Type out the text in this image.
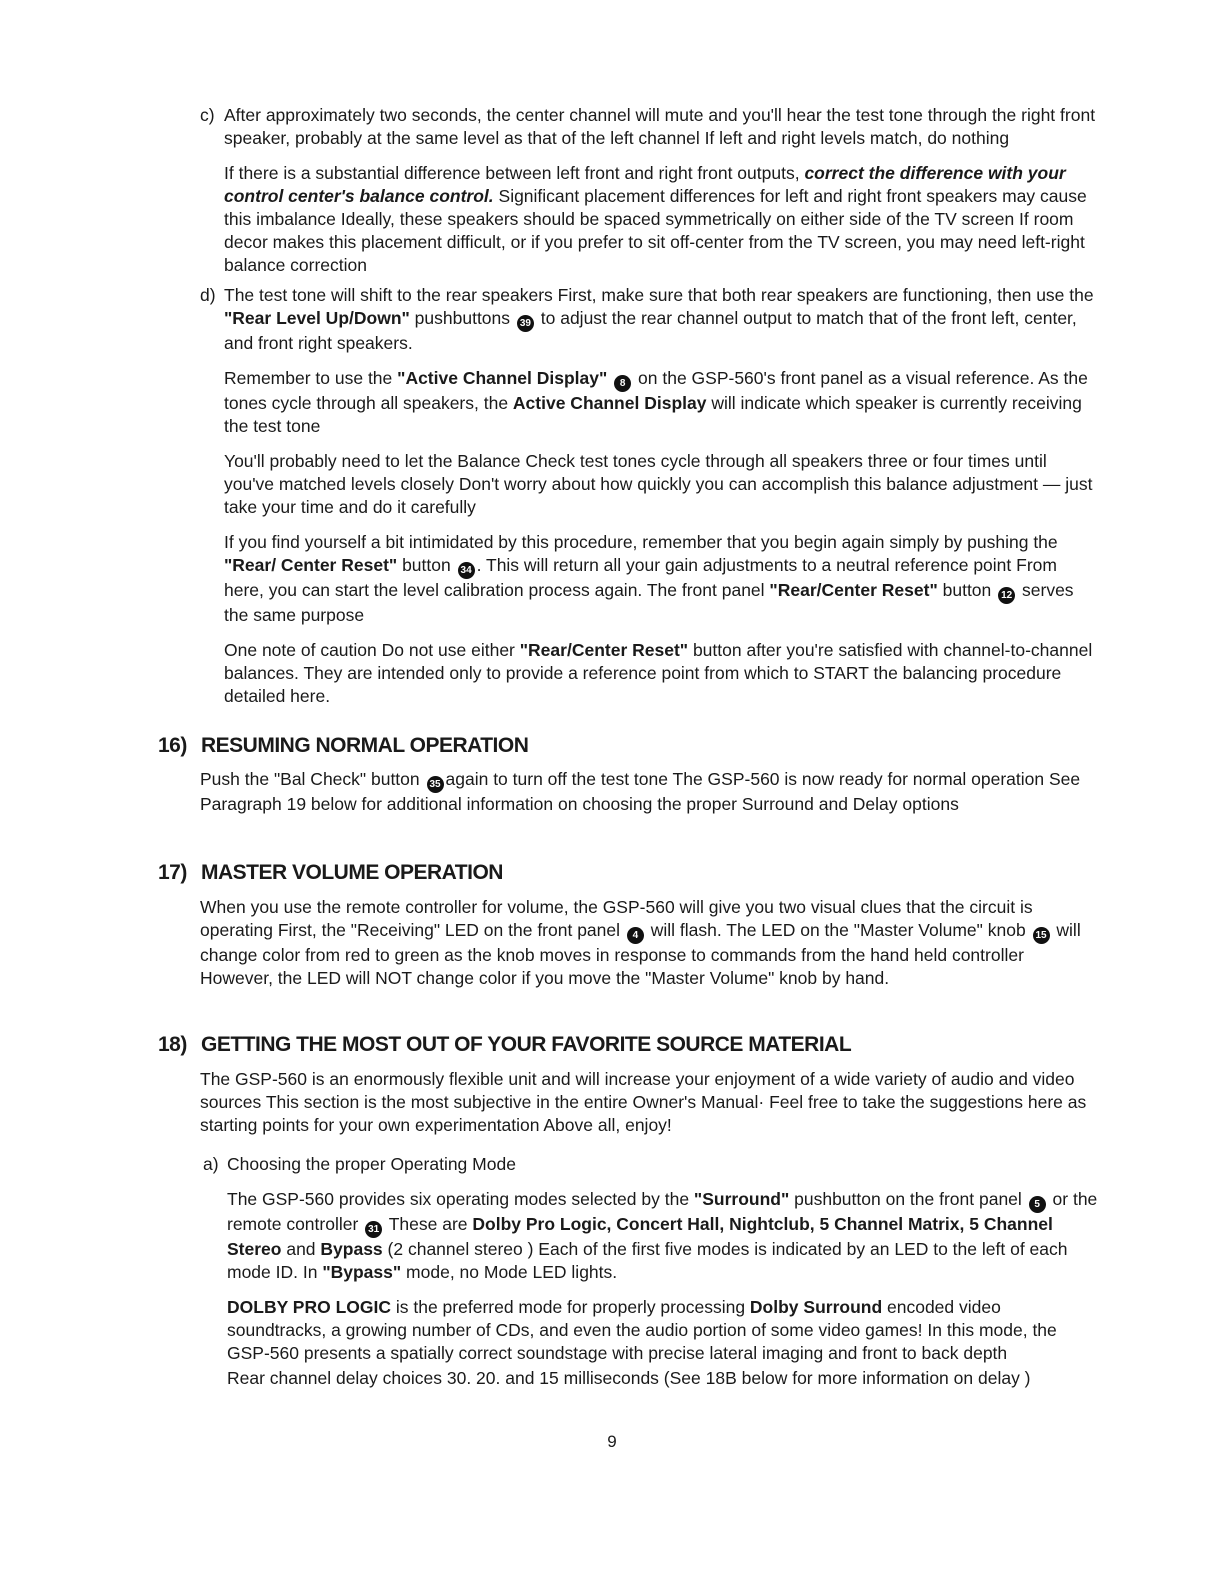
c) After approximately two seconds, the center channel will mute and you'll hear the test tone through the right front speaker, probably at the same level as that of the left channel If left and right levels match, do nothing

If there is a substantial difference between left front and right front outputs, correct the difference with your control center's balance control. Significant placement differences for left and right front speakers may cause this imbalance Ideally, these speakers should be spaced symmetrically on either side of the TV screen If room decor makes this placement difficult, or if you prefer to sit off-center from the TV screen, you may need left-right balance correction

d) The test tone will shift to the rear speakers First, make sure that both rear speakers are functioning, then use the "Rear Level Up/Down" pushbuttons 39 to adjust the rear channel output to match that of the front left, center, and front right speakers.

Remember to use the "Active Channel Display" 8 on the GSP-560's front panel as a visual reference. As the tones cycle through all speakers, the Active Channel Display will indicate which speaker is currently receiving the test tone

You'll probably need to let the Balance Check test tones cycle through all speakers three or four times until you've matched levels closely Don't worry about how quickly you can accomplish this balance adjustment — just take your time and do it carefully

If you find yourself a bit intimidated by this procedure, remember that you begin again simply by pushing the "Rear/ Center Reset" button 34 . This will return all your gain adjustments to a neutral reference point From here, you can start the level calibration process again. The front panel "Rear/Center Reset" button 12 serves the same purpose

One note of caution Do not use either "Rear/Center Reset" button after you're satisfied with channel-to-channel balances. They are intended only to provide a reference point from which to START the balancing procedure detailed here.

16) RESUMING NORMAL OPERATION

Push the "Bal Check" button 35 again to turn off the test tone The GSP-560 is now ready for normal operation See Paragraph 19 below for additional information on choosing the proper Surround and Delay options

17) MASTER VOLUME OPERATION

When you use the remote controller for volume, the GSP-560 will give you two visual clues that the circuit is operating First, the "Receiving" LED on the front panel 4 will flash. The LED on the "Master Volume" knob 15 will change color from red to green as the knob moves in response to commands from the hand held controller However, the LED will NOT change color if you move the "Master Volume" knob by hand.

18) GETTING THE MOST OUT OF YOUR FAVORITE SOURCE MATERIAL

The GSP-560 is an enormously flexible unit and will increase your enjoyment of a wide variety of audio and video sources This section is the most subjective in the entire Owner's Manual· Feel free to take the suggestions here as starting points for your own experimentation Above all, enjoy!

a) Choosing the proper Operating Mode

The GSP-560 provides six operating modes selected by the "Surround" pushbutton on the front panel 5 or the remote controller 31 These are Dolby Pro Logic, Concert Hall, Nightclub, 5 Channel Matrix, 5 Channel Stereo and Bypass (2 channel stereo ) Each of the first five modes is indicated by an LED to the left of each mode ID. In "Bypass" mode, no Mode LED lights.

DOLBY PRO LOGIC is the preferred mode for properly processing Dolby Surround encoded video soundtracks, a growing number of CDs, and even the audio portion of some video games! In this mode, the GSP-560 presents a spatially correct soundstage with precise lateral imaging and front to back depth

Rear channel delay choices 30. 20. and 15 milliseconds (See 18B below for more information on delay )

9
